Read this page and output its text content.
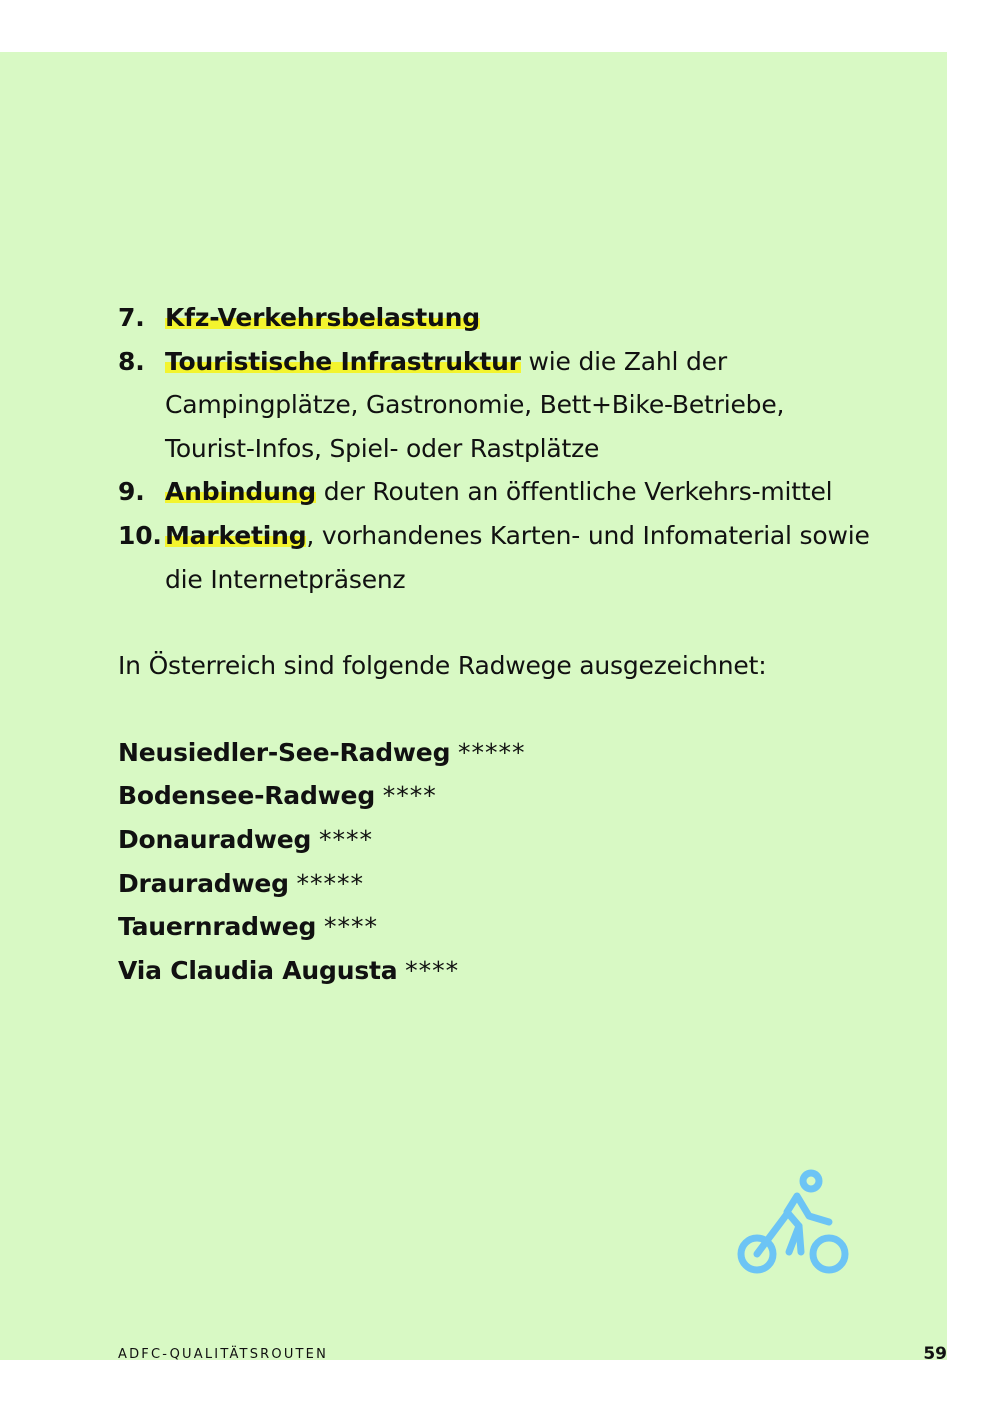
7. Kfz-Verkehrsbelastung
8. Touristische Infrastruktur wie die Zahl der Campingplätze, Gastronomie, Bett+Bike-Betriebe, Tourist-Infos, Spiel- oder Rastplätze
9. Anbindung der Routen an öffentliche Verkehrs-mittel
10. Marketing, vorhandenes Karten- und Infomaterial sowie die Internetpräsenz
In Österreich sind folgende Radwege ausgezeichnet:
Neusiedler-See-Radweg *****
Bodensee-Radweg ****
Donauradweg ****
Drauradweg *****
Tauernradweg ****
Via Claudia Augusta ****
ADFC-QUALITÄTSROUTEN	59
